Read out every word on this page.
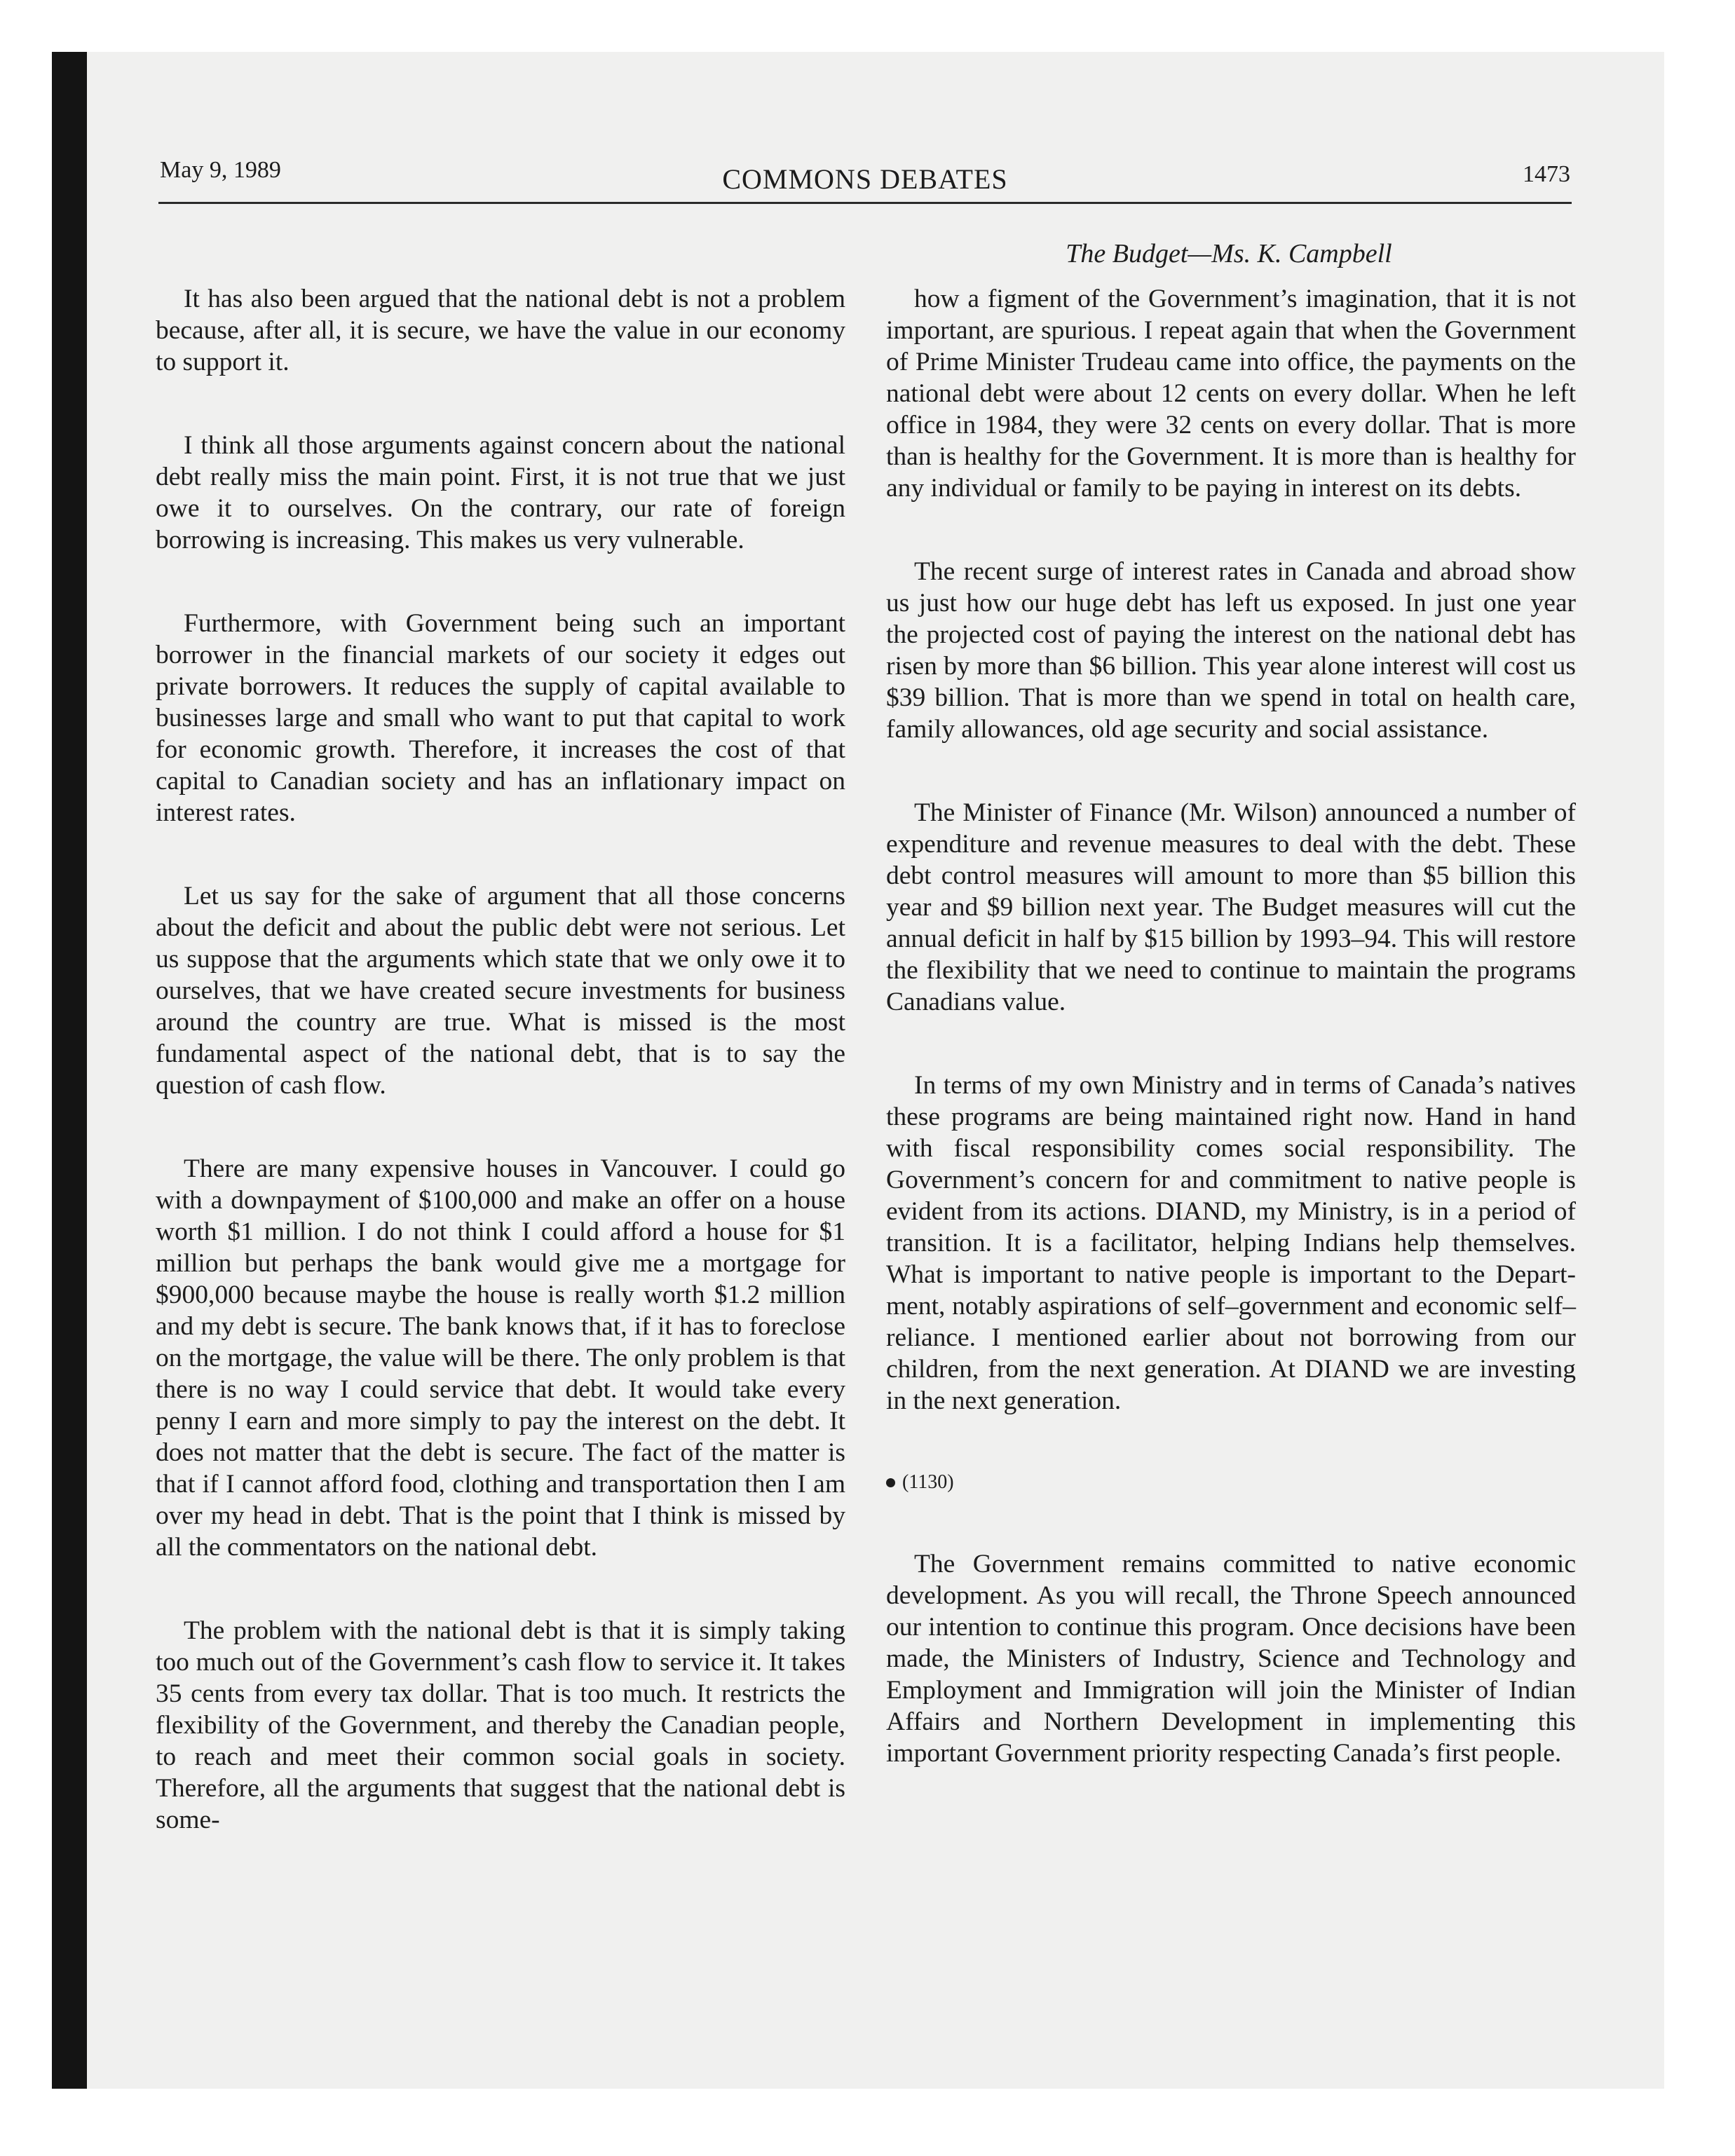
May 9, 1989	COMMONS DEBATES	1473
The Budget—Ms. K. Campbell

It has also been argued that the national debt is not a problem because, after all, it is secure, we have the value in our economy to support it.

I think all those arguments against concern about the national debt really miss the main point. First, it is not true that we just owe it to ourselves. On the contrary, our rate of foreign borrowing is increasing. This makes us very vulnerable.

Furthermore, with Government being such an important borrower in the financial markets of our society it edges out private borrowers. It reduces the supply of capital available to businesses large and small who want to put that capital to work for economic growth. Therefore, it increases the cost of that capital to Canadian society and has an inflationary impact on interest rates.

Let us say for the sake of argument that all those concerns about the deficit and about the public debt were not serious. Let us suppose that the arguments which state that we only owe it to ourselves, that we have created secure investments for business around the country are true. What is missed is the most fundamental aspect of the national debt, that is to say the question of cash flow.

There are many expensive houses in Vancouver. I could go with a downpayment of $100,000 and make an offer on a house worth $1 million. I do not think I could afford a house for $1 million but perhaps the bank would give me a mortgage for $900,000 because maybe the house is really worth $1.2 million and my debt is secure. The bank knows that, if it has to foreclose on the mortgage, the value will be there. The only problem is that there is no way I could service that debt. It would take every penny I earn and more simply to pay the interest on the debt. It does not matter that the debt is secure. The fact of the matter is that if I cannot afford food, clothing and transportation then I am over my head in debt. That is the point that I think is missed by all the commentators on the national debt.

The problem with the national debt is that it is simply taking too much out of the Government’s cash flow to service it. It takes 35 cents from every tax dollar. That is too much. It restricts the flexibility of the Government, and thereby the Canadian people, to reach and meet their common social goals in society. Therefore, all the arguments that suggest that the national debt is some-

how a figment of the Government’s imagination, that it is not important, are spurious. I repeat again that when the Government of Prime Minister Trudeau came into office, the payments on the national debt were about 12 cents on every dollar. When he left office in 1984, they were 32 cents on every dollar. That is more than is healthy for the Government. It is more than is healthy for any individual or family to be paying in interest on its debts.

The recent surge of interest rates in Canada and abroad show us just how our huge debt has left us exposed. In just one year the projected cost of paying the interest on the national debt has risen by more than $6 billion. This year alone interest will cost us $39 billion. That is more than we spend in total on health care, family allowances, old age security and social assistance.

The Minister of Finance (Mr. Wilson) announced a number of expenditure and revenue measures to deal with the debt. These debt control measures will amount to more than $5 billion this year and $9 billion next year. The Budget measures will cut the annual deficit in half by $15 billion by 1993–94. This will restore the flexibility that we need to continue to maintain the programs Canadians value.

In terms of my own Ministry and in terms of Canada’s natives these programs are being maintained right now. Hand in hand with fiscal responsibility comes social responsibility. The Government’s concern for and commitment to native people is evident from its actions. DIAND, my Ministry, is in a period of transition. It is a facilitator, helping Indians help themselves. What is important to native people is important to the Department, notably aspirations of self–government and economic self–reliance. I mentioned earlier about not borrowing from our children, from the next generation. At DIAND we are investing in the next generation.

(1130)

The Government remains committed to native economic development. As you will recall, the Throne Speech announced our intention to continue this program. Once decisions have been made, the Ministers of Industry, Science and Technology and Employment and Immigration will join the Minister of Indian Affairs and Northern Development in implementing this important Government priority respecting Canada’s first people.
